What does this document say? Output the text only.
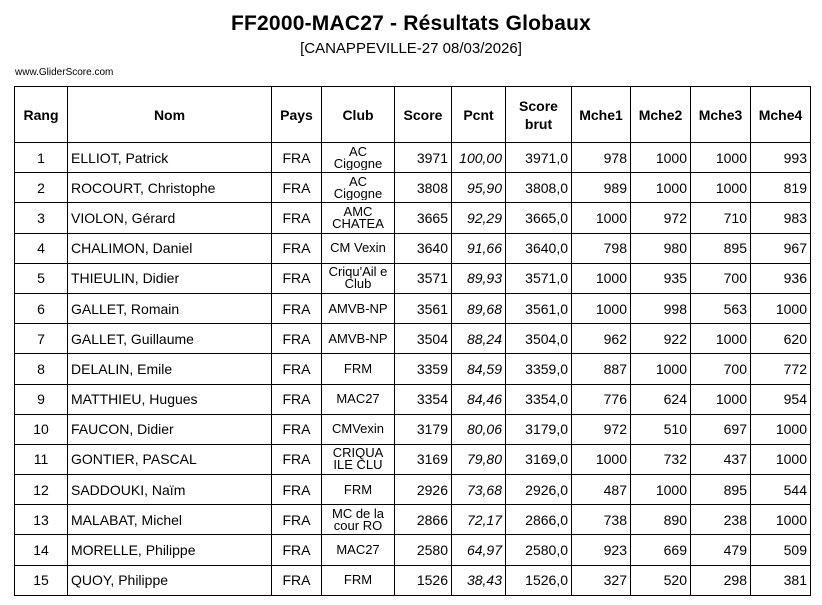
FF2000-MAC27 - Résultats Globaux
[CANAPPEVILLE-27 08/03/2026]
www.GliderScore.com
Rang	Nom	Pays	Club	Score	Pcnt	Score brut	Mche1	Mche2	Mche3	Mche4
1	ELLIOT, Patrick	FRA	AC Cigogne	3971	100,00	3971,0	978	1000	1000	993
2	ROCOURT, Christophe	FRA	AC Cigogne	3808	95,90	3808,0	989	1000	1000	819
3	VIOLON, Gérard	FRA	AMC CHATEA	3665	92,29	3665,0	1000	972	710	983
4	CHALIMON, Daniel	FRA	CM Vexin	3640	91,66	3640,0	798	980	895	967
5	THIEULIN, Didier	FRA	Criqu'Ail e Club	3571	89,93	3571,0	1000	935	700	936
6	GALLET, Romain	FRA	AMVB-NP	3561	89,68	3561,0	1000	998	563	1000
7	GALLET, Guillaume	FRA	AMVB-NP	3504	88,24	3504,0	962	922	1000	620
8	DELALIN, Emile	FRA	FRM	3359	84,59	3359,0	887	1000	700	772
9	MATTHIEU, Hugues	FRA	MAC27	3354	84,46	3354,0	776	624	1000	954
10	FAUCON, Didier	FRA	CMVexin	3179	80,06	3179,0	972	510	697	1000
11	GONTIER, PASCAL	FRA	CRIQUA ILE CLU	3169	79,80	3169,0	1000	732	437	1000
12	SADDOUKI, Naïm	FRA	FRM	2926	73,68	2926,0	487	1000	895	544
13	MALABAT, Michel	FRA	MC de la cour RO	2866	72,17	2866,0	738	890	238	1000
14	MORELLE, Philippe	FRA	MAC27	2580	64,97	2580,0	923	669	479	509
15	QUOY, Philippe	FRA	FRM	1526	38,43	1526,0	327	520	298	381
